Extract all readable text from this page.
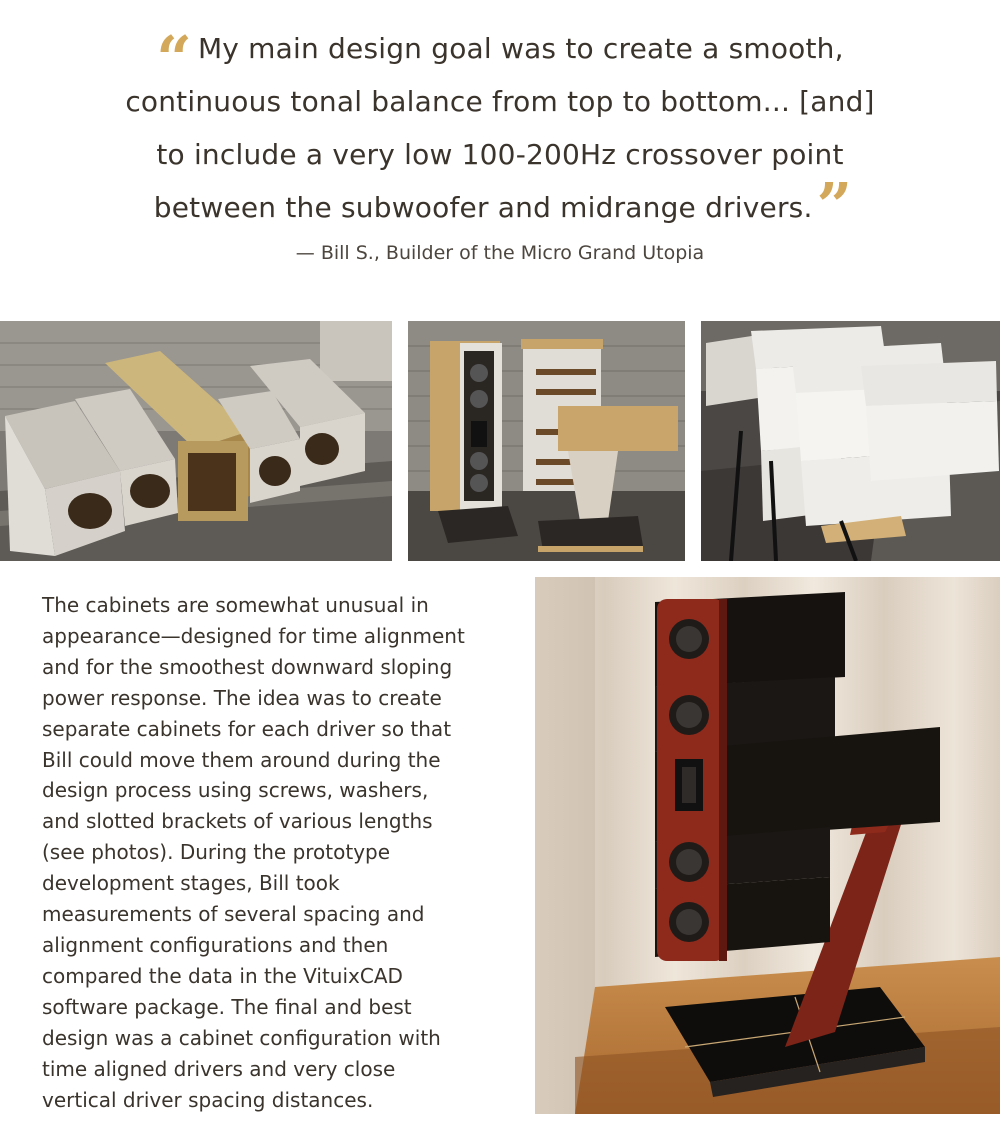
“ My main design goal was to create a smooth,
continuous tonal balance from top to bottom... [and]
to include a very low 100-200Hz crossover point
between the subwoofer and midrange drivers.”
— Bill S., Builder of the Micro Grand Utopia
The cabinets are somewhat unusual in
appearance—designed for time alignment
and for the smoothest downward sloping
power response. The idea was to create
separate cabinets for each driver so that
Bill could move them around during the
design process using screws, washers,
and slotted brackets of various lengths
(see photos). During the prototype
development stages, Bill took
measurements of several spacing and
alignment configurations and then
compared the data in the VituixCAD
software package. The final and best
design was a cabinet configuration with
time aligned drivers and very close
vertical driver spacing distances.
